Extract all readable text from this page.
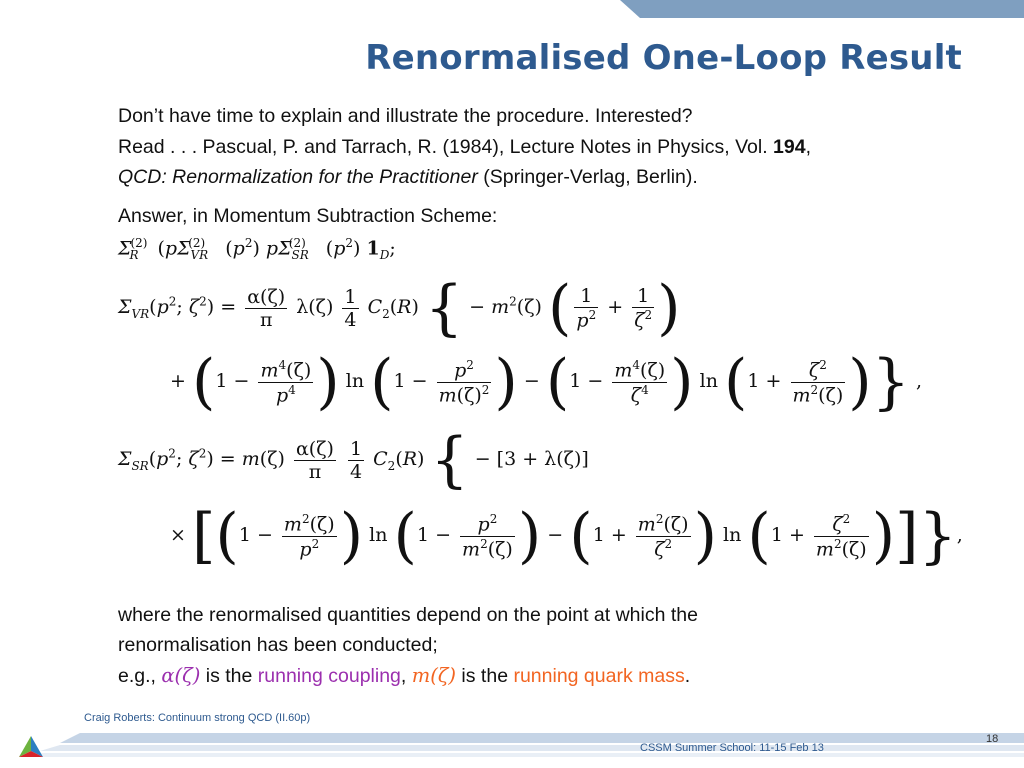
Renormalised One-Loop Result
Don’t have time to explain and illustrate the procedure. Interested?
Read . . . Pascual, P. and Tarrach, R. (1984), Lecture Notes in Physics, Vol. 194,
QCD: Renormalization for the Practitioner (Springer-Verlag, Berlin).
Answer, in Momentum Subtraction Scheme:
$\Sigma_R^{(2)}$ ($p\Sigma_{VR}^{(2)}$ $(p^2)$ $p\Sigma_{SR}^{(2)}$ $(p^2)$ $1_D$;
$\Sigma_{VR}(p^2$; $\zeta^2) = \frac{\alpha(\zeta)}{\pi} \lambda(\zeta) \frac{1}{4} C_2(R)$ { − $m^2(\zeta)$ ( $\frac{1}{p^2} + \frac{1}{\zeta^2}$ )
+ ($1 - \frac{m^4(\zeta)}{p^4}$ ) $\ln (1 - \frac{p^2}{m(\zeta)^2}$ ) − ($1 - \frac{m^4(\zeta)}{\zeta^4}$ ) $\ln (1 + \frac{\zeta^2}{m^2(\zeta)}$ )} ,
$\Sigma_{SR}(p^2$; $\zeta^2) = m(\zeta) \frac{\alpha(\zeta)}{\pi}$
$\frac{1}{4} C_2(R)$ { − [3 + λ(ζ)]
× [($1 - \frac{m^2(\zeta)}{p^2}$ ) $\ln (1 - \frac{p^2}{m^2(\zeta)}$ ) − ($1 + \frac{m^2(\zeta)}{\zeta^2}$ ) $\ln (1 + \frac{\zeta^2}{m^2(\zeta)}$ )]},
where the renormalised quantities depend on the point at which the
renormalisation has been conducted;
e.g., α(ζ) is the running coupling, m(ζ) is the running quark mass.
Craig Roberts: Continuum strong QCD (II.60p)
18
CSSM Summer School: 11-15 Feb 13
